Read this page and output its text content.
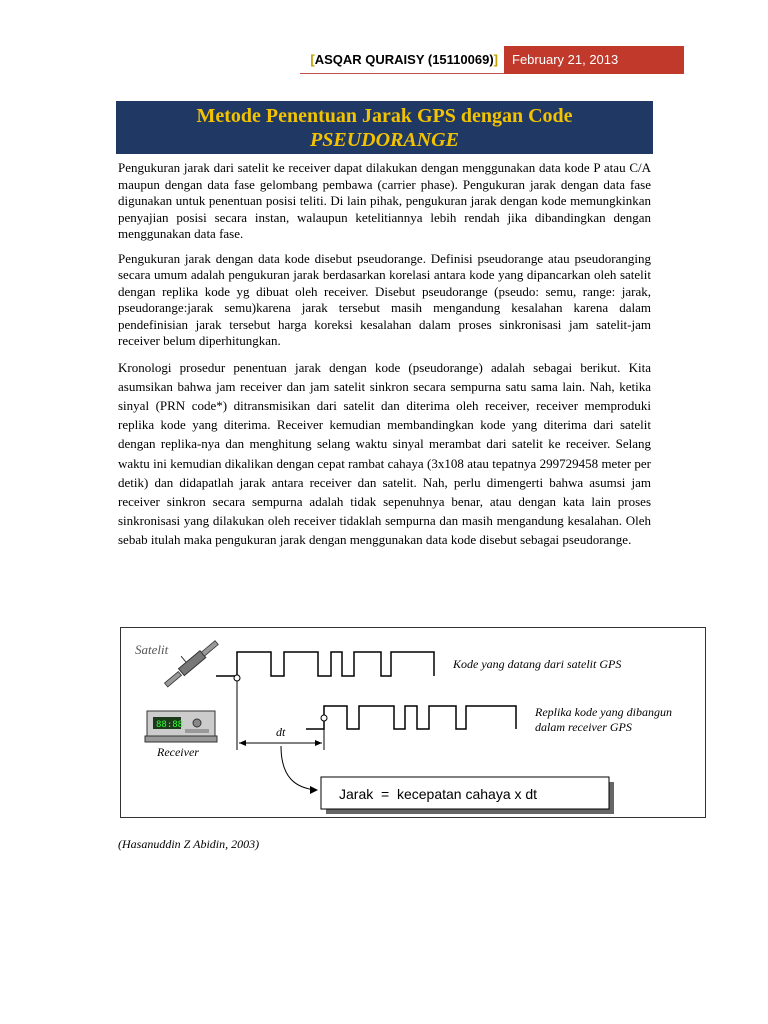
[ASQAR QURAISY (15110069)]	February 21, 2013
Metode Penentuan Jarak GPS dengan Code
PSEUDORANGE

Pengukuran jarak dari satelit ke receiver dapat dilakukan dengan menggunakan data kode P atau C/A maupun dengan data fase gelombang pembawa (carrier phase). Pengukuran jarak dengan data fase digunakan untuk penentuan posisi teliti. Di lain pihak, pengukuran jarak dengan kode memungkinkan penyajian posisi secara instan, walaupun ketelitiannya lebih rendah jika dibandingkan dengan menggunakan data fase.

Pengukuran jarak dengan data kode disebut pseudorange. Definisi pseudorange atau pseudoranging secara umum adalah pengukuran jarak berdasarkan korelasi antara kode yang dipancarkan oleh satelit dengan replika kode yg dibuat oleh receiver. Disebut pseudorange (pseudo: semu, range: jarak, pseudorange:jarak semu)karena jarak tersebut masih mengandung kesalahan karena dalam pendefinisian jarak tersebut harga koreksi kesalahan dalam proses sinkronisasi jam satelit-jam receiver belum diperhitungkan.

Kronologi prosedur penentuan jarak dengan kode (pseudorange) adalah sebagai berikut. Kita asumsikan bahwa jam receiver dan jam satelit sinkron secara sempurna satu sama lain. Nah, ketika sinyal (PRN code*) ditransmisikan dari satelit dan diterima oleh receiver, receiver memproduki replika kode yang diterima. Receiver kemudian membandingkan kode yang diterima dari satelit dengan replika-nya dan menghitung selang waktu sinyal merambat dari satelit ke receiver. Selang waktu ini kemudian dikalikan dengan cepat rambat cahaya (3x108 atau tepatnya 299729458 meter per detik) dan didapatlah jarak antara receiver dan satelit. Nah, perlu dimengerti bahwa asumsi jam receiver sinkron secara sempurna adalah tidak sepenuhnya benar, atau dengan kata lain proses sinkronisasi yang dilakukan oleh receiver tidaklah sempurna dan masih mengandung kesalahan. Oleh sebab itulah maka pengukuran jarak dengan menggunakan data kode disebut sebagai pseudorange.

Satelit
Kode yang datang dari satelit GPS
88:88
Receiver
Replika kode yang dibangun
dalam receiver GPS
dt
Jarak  =  kecepatan cahaya x dt
(Hasanuddin Z Abidin, 2003)
